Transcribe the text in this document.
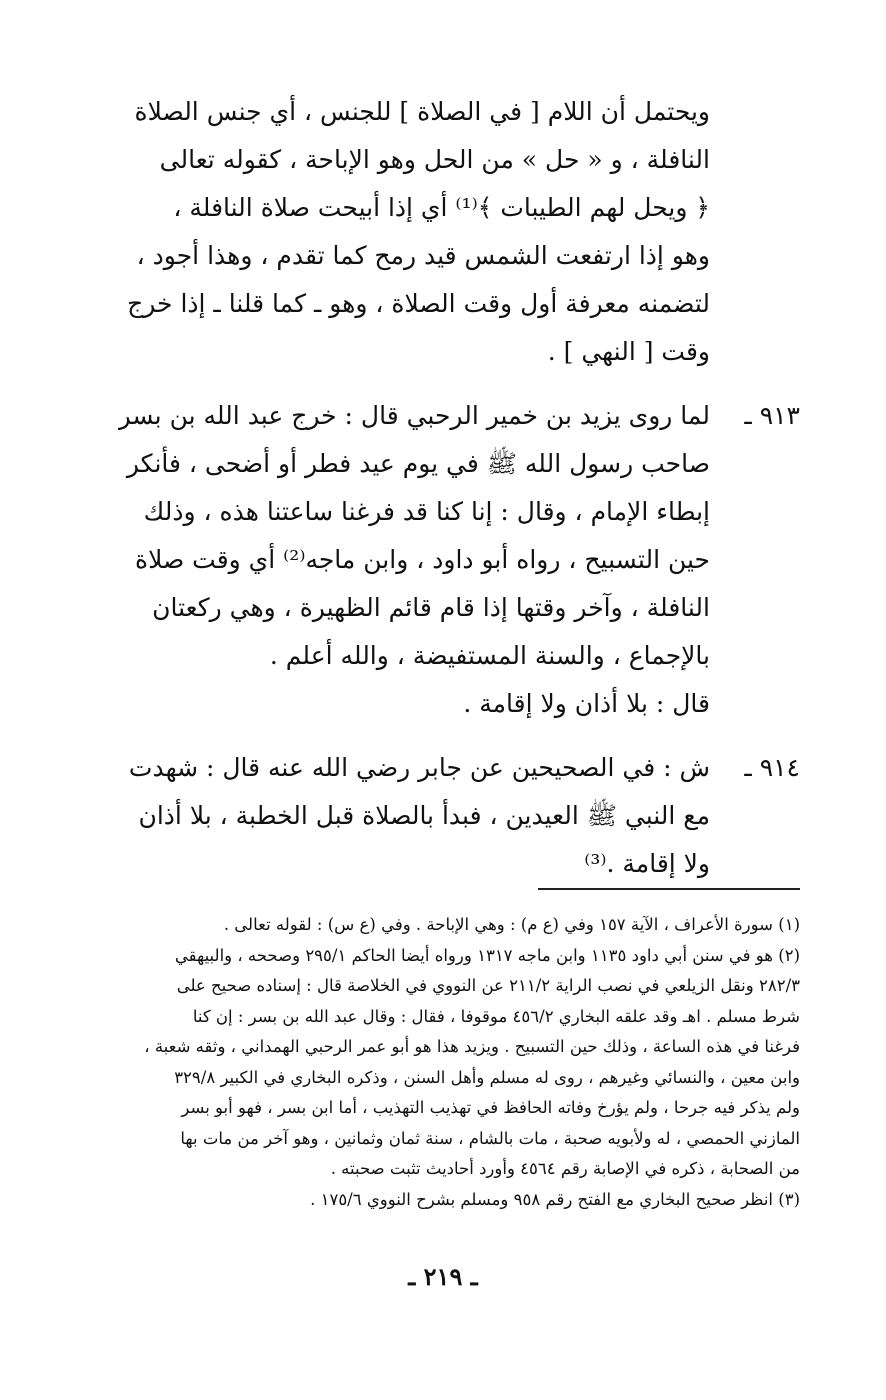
ويحتمل أن اللام [ في الصلاة ] للجنس ، أي جنس الصلاة
النافلة ، و « حل » من الحل وهو الإباحة ، كقوله تعالى
﴿ ويحل لهم الطيبات ﴾⁽¹⁾ أي إذا أبيحت صلاة النافلة ،
وهو إذا ارتفعت الشمس قيد رمح كما تقدم ، وهذا أجود ،
لتضمنه معرفة أول وقت الصلاة ، وهو ـ كما قلنا ـ إذا خرج
وقت [ النهي ] .
٩١٣ ـ
لما روى يزيد بن خمير الرحبي قال : خرج عبد الله بن بسر
صاحب رسول الله ﷺ في يوم عيد فطر أو أضحى ، فأنكر
إبطاء الإمام ، وقال : إنا كنا قد فرغنا ساعتنا هذه ، وذلك
حين التسبيح ، رواه أبو داود ، وابن ماجه⁽²⁾ أي وقت صلاة
النافلة ، وآخر وقتها إذا قام قائم الظهيرة ، وهي ركعتان
بالإجماع ، والسنة المستفيضة ، والله أعلم .
قال : بلا أذان ولا إقامة .
٩١٤ ـ
ش : في الصحيحين عن جابر رضي الله عنه قال : شهدت
مع النبي ﷺ العيدين ، فبدأ بالصلاة قبل الخطبة ، بلا أذان
ولا إقامة .⁽³⁾
(١) سورة الأعراف ، الآية ١٥٧ وفي (ع م) : وهي الإباحة . وفي (ع س) : لقوله تعالى .
(٢) هو في سنن أبي داود ١١٣٥ وابن ماجه ١٣١٧ ورواه أيضا الحاكم ٢٩٥/١ وصححه ، والبيهقي
٢٨٢/٣ ونقل الزيلعي في نصب الراية ٢١١/٢ عن النووي في الخلاصة قال : إسناده صحيح على
شرط مسلم . اهـ وقد علقه البخاري ٤٥٦/٢ موقوفا ، فقال : وقال عبد الله بن بسر : إن كنا
فرغنا في هذه الساعة ، وذلك حين التسبيح . ويزيد هذا هو أبو عمر الرحبي الهمداني ، وثقه شعبة ،
وابن معين ، والنسائي وغيرهم ، روى له مسلم وأهل السنن ، وذكره البخاري في الكبير ٣٢٩/٨
ولم يذكر فيه جرحا ، ولم يؤرخ وفاته الحافظ في تهذيب التهذيب ، أما ابن بسر ، فهو أبو بسر
المازني الحمصي ، له ولأبويه صحبة ، مات بالشام ، سنة ثمان وثمانين ، وهو آخر من مات بها
من الصحابة ، ذكره في الإصابة رقم ٤٥٦٤ وأورد أحاديث تثبت صحبته .
(٣) انظر صحيح البخاري مع الفتح رقم ٩٥٨ ومسلم بشرح النووي ١٧٥/٦ .
ـ ٢١٩ ـ
